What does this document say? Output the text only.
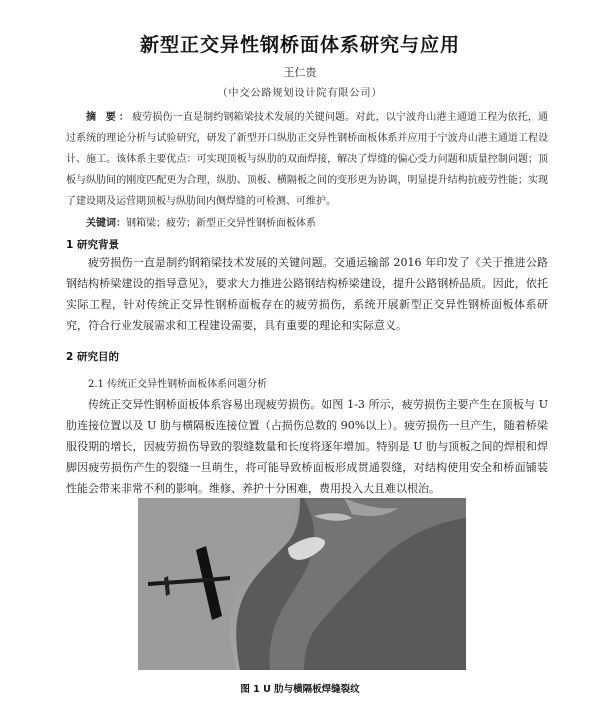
新型正交异性钢桥面体系研究与应用
王仁贵
（中交公路规划设计院有限公司）
摘 要：疲劳损伤一直是制约钢箱梁技术发展的关键问题。对此，以宁波舟山港主通道工程为依托，通过系统的理论分析与试验研究，研发了新型开口纵肋正交异性钢桥面板体系并应用于宁波舟山港主通道工程设计、施工。该体系主要优点：可实现顶板与纵肋的双面焊接，解决了焊缝的偏心受力问题和质量控制问题；顶板与纵肋间的刚度匹配更为合理，纵肋、顶板、横隔板之间的变形更为协调，明显提升结构抗疲劳性能；实现了建设期及运营期顶板与纵肋间内侧焊缝的可检测、可维护。
关键词：钢箱梁；疲劳；新型正交异性钢桥面板体系
1 研究背景
疲劳损伤一直是制约钢箱梁技术发展的关键问题。交通运输部 2016 年印发了《关于推进公路钢结构桥梁建设的指导意见》，要求大力推进公路钢结构桥梁建设，提升公路钢桥品质。因此，依托实际工程，针对传统正交异性钢桥面板存在的疲劳损伤，系统开展新型正交异性钢桥面板体系研究，符合行业发展需求和工程建设需要，具有重要的理论和实际意义。
2 研究目的
2.1 传统正交异性钢桥面板体系问题分析
传统正交异性钢桥面板体系容易出现疲劳损伤。如图 1-3 所示，疲劳损伤主要产生在顶板与 U 肋连接位置以及 U 肋与横隔板连接位置（占损伤总数的 90%以上）。疲劳损伤一旦产生，随着桥梁服役期的增长，因疲劳损伤导致的裂缝数量和长度将逐年增加。特别是 U 肋与顶板之间的焊根和焊脚因疲劳损伤产生的裂缝一旦萌生，将可能导致桥面板形成贯通裂缝，对结构使用安全和桥面铺装性能会带来非常不利的影响。维修、养护十分困难，费用投入大且难以根治。
图 1 U 肋与横隔板焊缝裂纹
